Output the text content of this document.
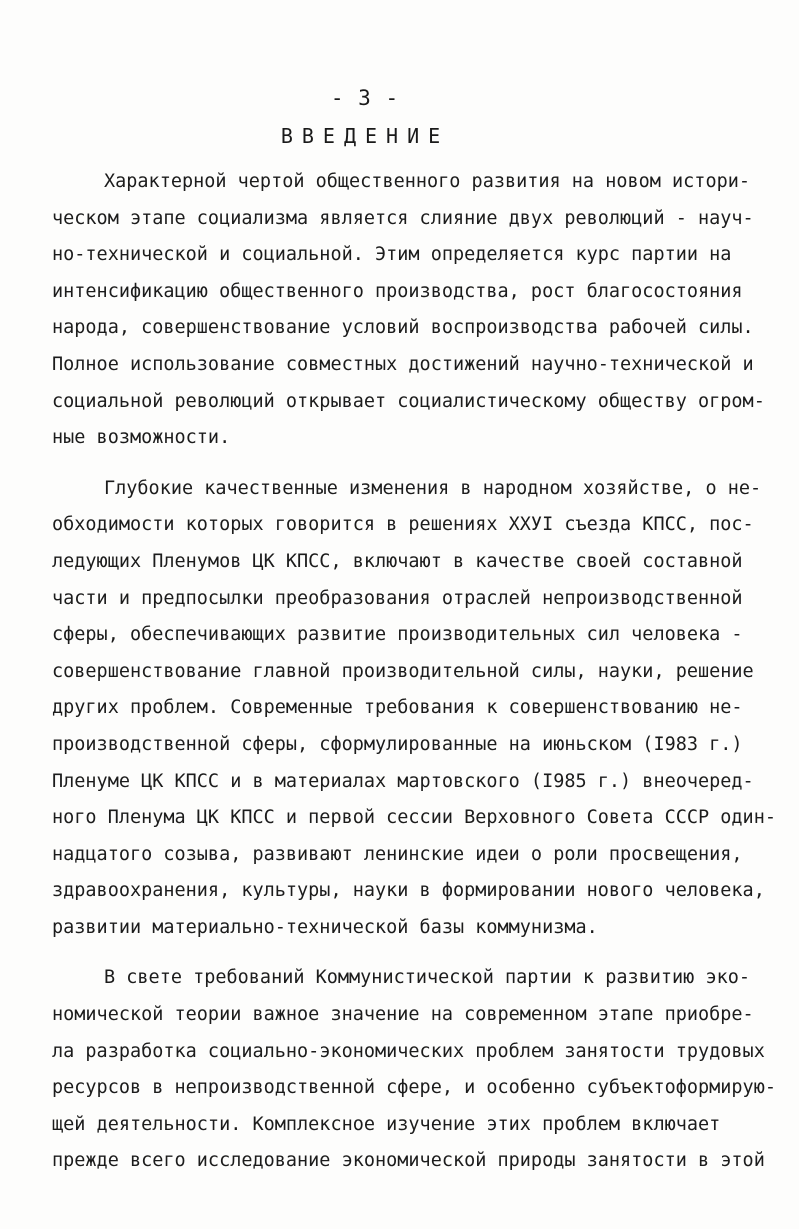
- 3 -
ВВЕДЕНИЕ
Характерной чертой общественного развития на новом истори-
ческом этапе социализма является слияние двух революций - науч-
но-технической и социальной. Этим определяется курс партии на
интенсификацию общественного производства, рост благосостояния
народа, совершенствование условий воспроизводства рабочей силы.
Полное использование совместных достижений научно-технической и
социальной революций открывает социалистическому обществу огром-
ные возможности.
Глубокие качественные изменения в народном хозяйстве, о не-
обходимости которых говорится в решениях XXУI съезда КПСС, пос-
ледующих Пленумов ЦК КПСС, включают в качестве своей составной
части и предпосылки преобразования отраслей непроизводственной
сферы, обеспечивающих развитие производительных сил человека -
совершенствование главной производительной силы, науки, решение
других проблем. Современные требования к совершенствованию не-
производственной сферы, сформулированные на июньском (I983 г.)
Пленуме ЦК КПСС и в материалах мартовского (I985 г.) внеочеред-
ного Пленума ЦК КПСС и первой сессии Верховного Совета СССР один-
надцатого созыва, развивают ленинские идеи о роли просвещения,
здравоохранения, культуры, науки в формировании нового человека,
развитии материально-технической базы коммунизма.
В свете требований Коммунистической партии к развитию эко-
номической теории важное значение на современном этапе приобре-
ла разработка социально-экономических проблем занятости трудовых
ресурсов в непроизводственной сфере, и особенно субъектоформирую-
щей деятельности. Комплексное изучение этих проблем включает
прежде всего исследование экономической природы занятости в этой
